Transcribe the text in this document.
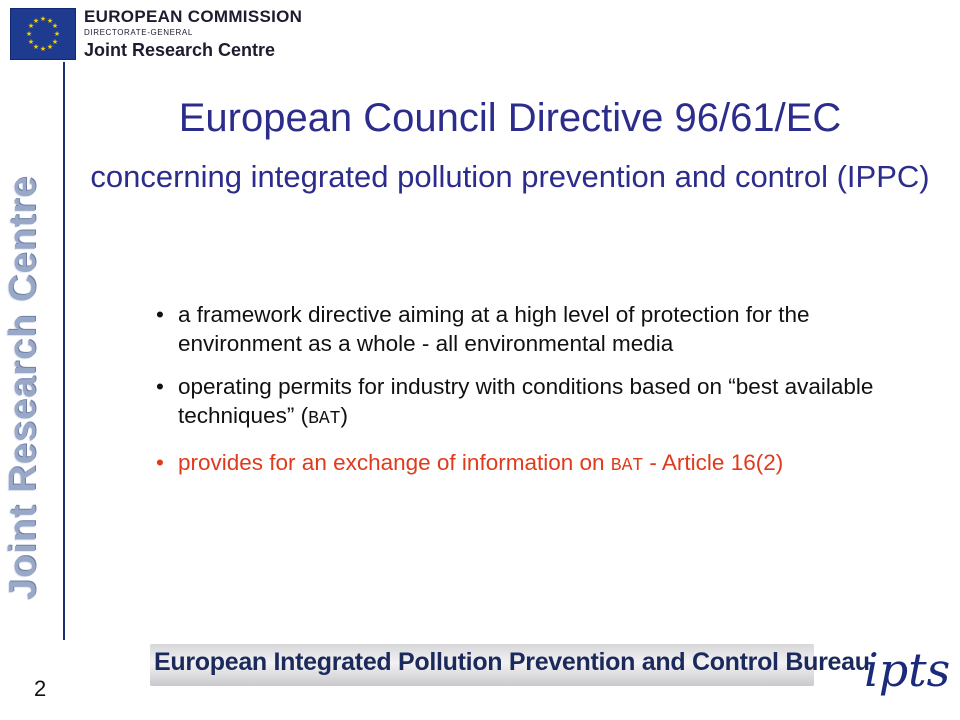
★ ★
★
★
★
★
★
★
★
★
★
★	EUROPEAN COMMISSION
DIRECTORATE-GENERAL
Joint Research Centre
Joint Research Centre
European Council Directive 96/61/EC
concerning integrated pollution prevention and control (IPPC)
• a framework directive aiming at a high level of protection for the environment as a whole - all environmental media
• operating permits for industry with conditions based on “best available techniques” (BAT)
• provides for an exchange of information on BAT - Article 16(2)
European Integrated Pollution Prevention and Control Bureau
2	ipts
